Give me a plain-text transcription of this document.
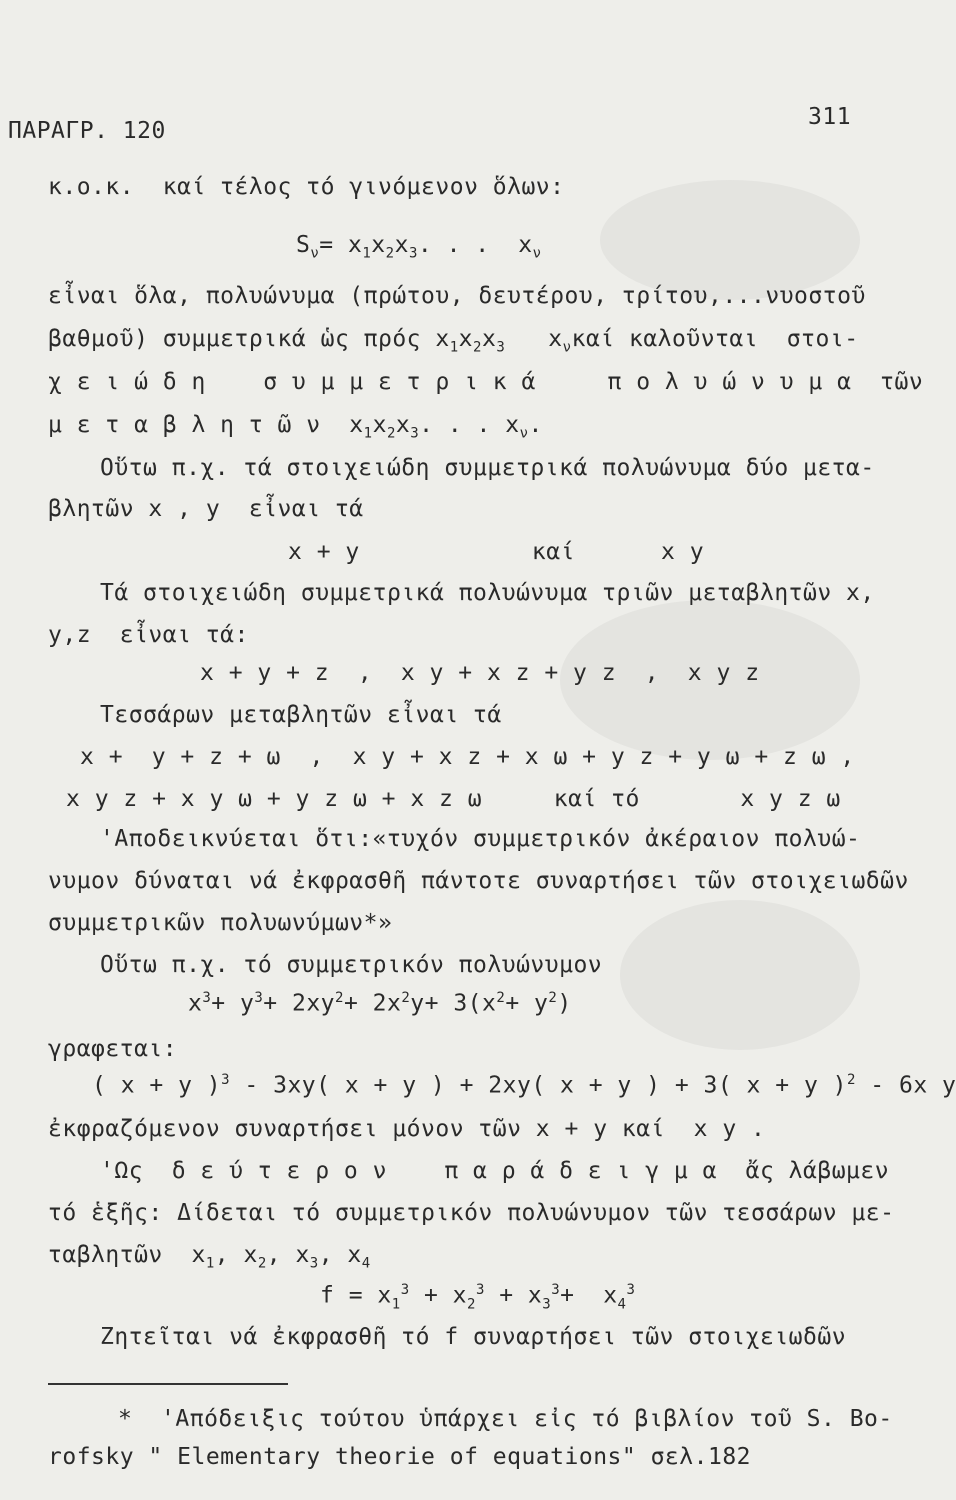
ΠΑΡΑΓΡ. 120
311
κ.ο.κ.  καί τέλος τό γινόμενον ὅλων:
$S_\nu= x_1x_2x_3$. . .  $x_\nu$
εἶναι ὅλα, πολυώνυμα (πρώτου, δευτέρου, τρίτου,...νυοστοῦ
βαθμοῦ) συμμετρικά ὡς πρός $x_1x_2x_3$   $x_\nu\kappa\alpha ί$ καλοῦνται  στοι-
χ ε ι ώ δ η    σ υ μ μ ε τ ρ ι κ ά     π ο λ υ ώ ν υ μ α  τῶν
μ ε τ α β λ η τ ῶ ν  $x_1x_2x_3$. . . $x_\nu$.
Οὕτω π.χ. τά στοιχειώδη συμμετρικά πολυώνυμα δύο μετα-
βλητῶν x , y  εἶναι τά
x + y            καί      x y
Τά στοιχειώδη συμμετρικά πολυώνυμα τριῶν μεταβλητῶν x,
y,z  εἶναι τά:
x + y + z  ,  x y + x z + y z  ,  x y z
Τεσσάρων μεταβλητῶν εἶναι τά
x +  y + z + ω  ,  x y + x z + x ω + y z + y ω + z ω ,
x y z + x y ω + y z ω + x z ω     καί τό       x y z ω
'Αποδεικνύεται ὅτι:«τυχόν συμμετρικόν ἀκέραιον πολυώ-
νυμον δύναται νά ἐκφρασθῆ πάντοτε συναρτήσει τῶν στοιχειωδῶν
συμμετρικῶν πολυωνύμων*»
Οὕτω π.χ. τό συμμετρικόν πολυώνυμον
$x^3+ y^3+ 2xy^2+ 2x^2y+ 3(x^2+ y^2)$
γραφεται:
( x + y )$^3$ - 3xy( x + y ) + 2xy( x + y ) + 3( x + y )$^2$ - 6x y
ἐκφραζόμενον συναρτήσει μόνον τῶν x + y καί  x y .
'Ως  δ ε ύ τ ε ρ ο ν    π α ρ ά δ ε ι γ μ α  ἄς λάβωμεν
τό ἑξῆς: Δίδεται τό συμμετρικόν πολυώνυμον τῶν τεσσάρων με-
ταβλητῶν  $x_1$, $x_2$, $x_3$, $x_4$
$f = x_1^3 + x_2^3 + x_3^3+ x_4^3$
Ζητεῖται νά ἐκφρασθῆ τό f συναρτήσει τῶν στοιχειωδῶν
*  'Απόδειξις τούτου ὑπάρχει εἰς τό βιβλίον τοῦ S. Bo-
rofsky " Elementary theorie of equations" σελ.182
